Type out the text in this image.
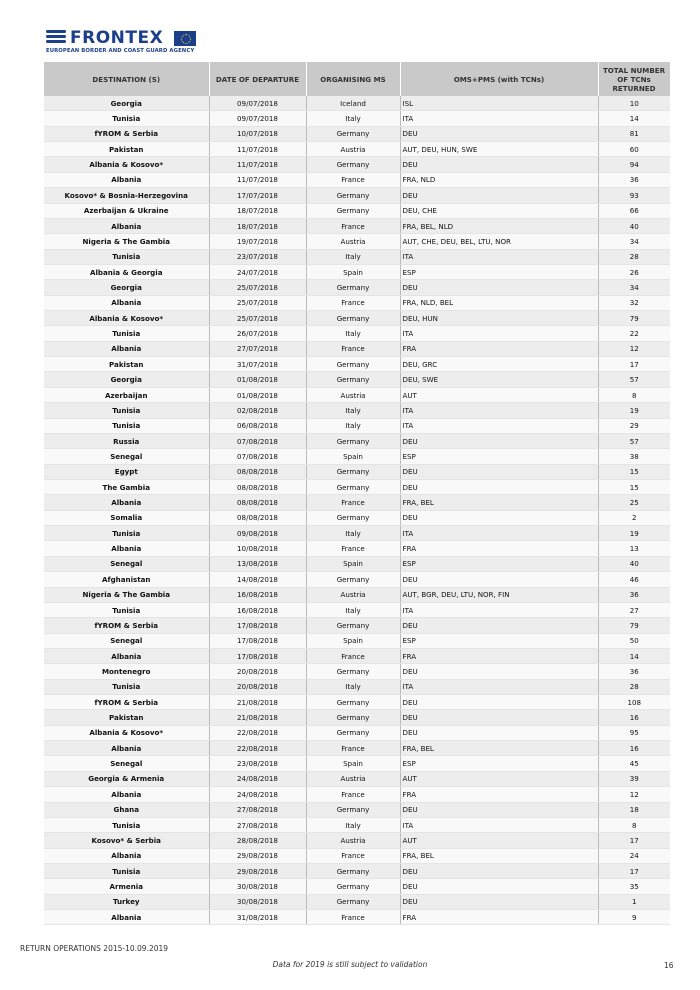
FRONTEX
EUROPEAN BORDER AND COAST GUARD AGENCY
DESTINATION (S)	DATE OF DEPARTURE	ORGANISING MS	OMS+PMS (with TCNs)	TOTAL NUMBER OF TCNs RETURNED
Georgia	09/07/2018	Iceland	ISL	10
Tunisia	09/07/2018	Italy	ITA	14
fYROM & Serbia	10/07/2018	Germany	DEU	81
Pakistan	11/07/2018	Austria	AUT, DEU, HUN, SWE	60
Albania & Kosovo*	11/07/2018	Germany	DEU	94
Albania	11/07/2018	France	FRA, NLD	36
Kosovo* & Bosnia-Herzegovina	17/07/2018	Germany	DEU	93
Azerbaijan & Ukraine	18/07/2018	Germany	DEU, CHE	66
Albania	18/07/2018	France	FRA, BEL, NLD	40
Nigeria & The Gambia	19/07/2018	Austria	AUT, CHE, DEU, BEL, LTU, NOR	34
Tunisia	23/07/2018	Italy	ITA	28
Albania & Georgia	24/07/2018	Spain	ESP	26
Georgia	25/07/2018	Germany	DEU	34
Albania	25/07/2018	France	FRA, NLD, BEL	32
Albania & Kosovo*	25/07/2018	Germany	DEU, HUN	79
Tunisia	26/07/2018	Italy	ITA	22
Albania	27/07/2018	France	FRA	12
Pakistan	31/07/2018	Germany	DEU, GRC	17
Georgia	01/08/2018	Germany	DEU, SWE	57
Azerbaijan	01/08/2018	Austria	AUT	8
Tunisia	02/08/2018	Italy	ITA	19
Tunisia	06/08/2018	Italy	ITA	29
Russia	07/08/2018	Germany	DEU	57
Senegal	07/08/2018	Spain	ESP	38
Egypt	08/08/2018	Germany	DEU	15
The Gambia	08/08/2018	Germany	DEU	15
Albania	08/08/2018	France	FRA, BEL	25
Somalia	08/08/2018	Germany	DEU	2
Tunisia	09/08/2018	Italy	ITA	19
Albania	10/08/2018	France	FRA	13
Senegal	13/08/2018	Spain	ESP	40
Afghanistan	14/08/2018	Germany	DEU	46
Nigeria & The Gambia	16/08/2018	Austria	AUT, BGR, DEU, LTU, NOR, FIN	36
Tunisia	16/08/2018	Italy	ITA	27
fYROM & Serbia	17/08/2018	Germany	DEU	79
Senegal	17/08/2018	Spain	ESP	50
Albania	17/08/2018	France	FRA	14
Montenegro	20/08/2018	Germany	DEU	36
Tunisia	20/08/2018	Italy	ITA	28
fYROM & Serbia	21/08/2018	Germany	DEU	108
Pakistan	21/08/2018	Germany	DEU	16
Albania & Kosovo*	22/08/2018	Germany	DEU	95
Albania	22/08/2018	France	FRA, BEL	16
Senegal	23/08/2018	Spain	ESP	45
Georgia & Armenia	24/08/2018	Austria	AUT	39
Albania	24/08/2018	France	FRA	12
Ghana	27/08/2018	Germany	DEU	18
Tunisia	27/08/2018	Italy	ITA	8
Kosovo* & Serbia	28/08/2018	Austria	AUT	17
Albania	29/08/2018	France	FRA, BEL	24
Tunisia	29/08/2018	Germany	DEU	17
Armenia	30/08/2018	Germany	DEU	35
Turkey	30/08/2018	Germany	DEU	1
Albania	31/08/2018	France	FRA	9
RETURN OPERATIONS 2015-10.09.2019
Data for 2019 is still subject to validation	16
